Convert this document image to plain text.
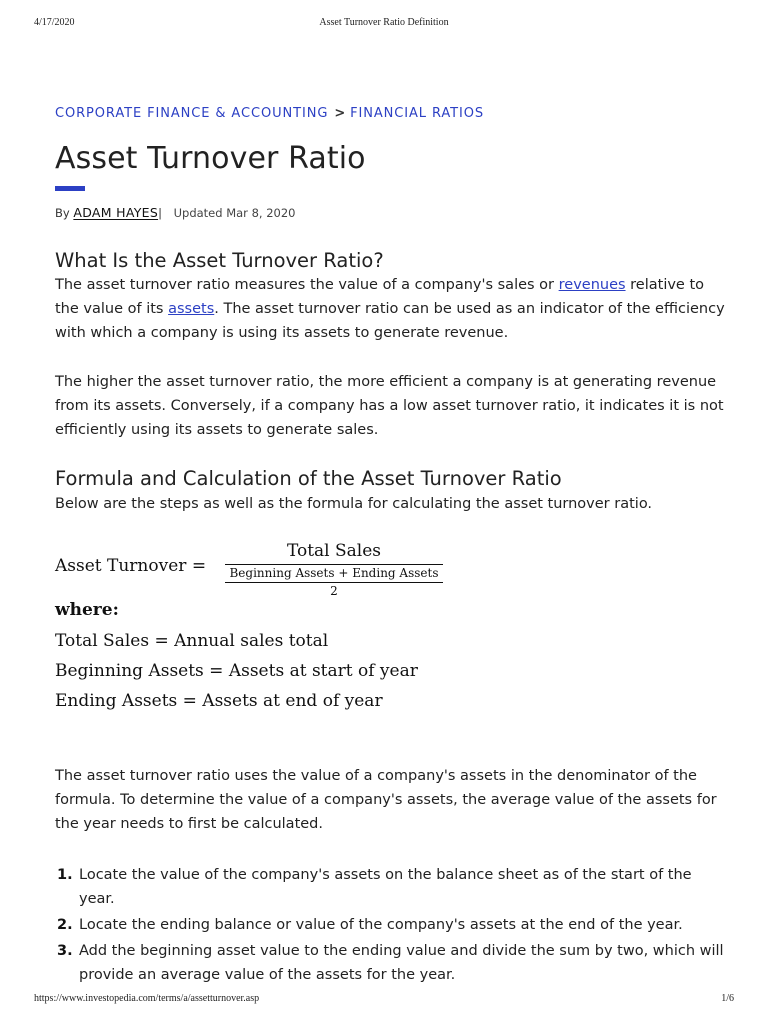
4/17/2020	Asset Turnover Ratio Definition
CORPORATE FINANCE & ACCOUNTING > FINANCIAL RATIOS
Asset Turnover Ratio
By ADAM HAYES| Updated Mar 8, 2020
What Is the Asset Turnover Ratio?

The asset turnover ratio measures the value of a company's sales or revenues relative to the value of its assets. The asset turnover ratio can be used as an indicator of the efficiency with which a company is using its assets to generate revenue.

The higher the asset turnover ratio, the more efficient a company is at generating revenue from its assets. Conversely, if a company has a low asset turnover ratio, it indicates it is not efficiently using its assets to generate sales.

Formula and Calculation of the Asset Turnover Ratio

Below are the steps as well as the formula for calculating the asset turnover ratio.

Asset Turnover =
Total Sales
Beginning Assets + Ending Assets
2
where:
Total Sales = Annual sales total
Beginning Assets = Assets at start of year
Ending Assets = Assets at end of year

The asset turnover ratio uses the value of a company's assets in the denominator of the formula. To determine the value of a company's assets, the average value of the assets for the year needs to first be calculated.

1. Locate the value of the company's assets on the balance sheet as of the start of the year.
2. Locate the ending balance or value of the company's assets at the end of the year.
3. Add the beginning asset value to the ending value and divide the sum by two, which will provide an average value of the assets for the year.
https://www.investopedia.com/terms/a/assetturnover.asp	1/6
